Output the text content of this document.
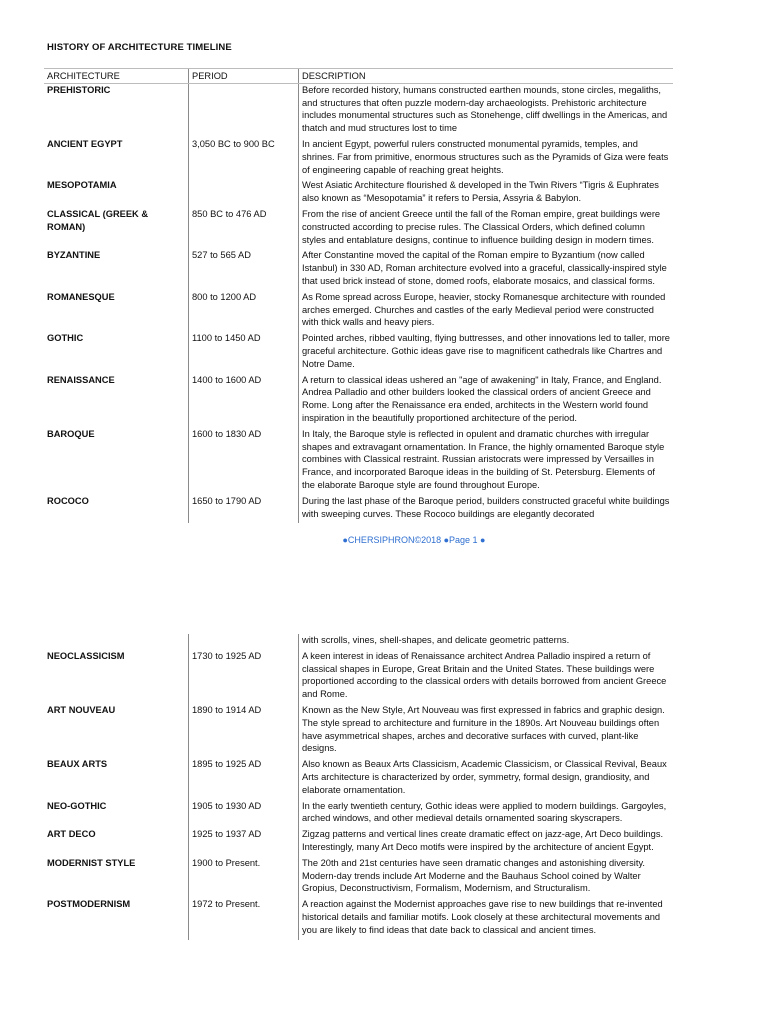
HISTORY OF ARCHITECTURE TIMELINE
ARCHITECTURE	PERIOD	DESCRIPTION
PREHISTORIC		Before recorded history, humans constructed earthen mounds, stone circles, megaliths, and structures that often puzzle modern-day archaeologists. Prehistoric architecture includes monumental structures such as Stonehenge, cliff dwellings in the Americas, and thatch and mud structures lost to time
ANCIENT EGYPT	3,050 BC to 900 BC	In ancient Egypt, powerful rulers constructed monumental pyramids, temples, and shrines. Far from primitive, enormous structures such as the Pyramids of Giza were feats of engineering capable of reaching great heights.
MESOPOTAMIA		West Asiatic Architecture flourished & developed in the Twin Rivers “Tigris & Euphrates also known as “Mesopotamia” it refers to Persia, Assyria & Babylon.
CLASSICAL (GREEK & ROMAN)	850 BC to 476 AD	From the rise of ancient Greece until the fall of the Roman empire, great buildings were constructed according to precise rules. The Classical Orders, which defined column styles and entablature designs, continue to influence building design in modern times.
BYZANTINE	527 to 565 AD	After Constantine moved the capital of the Roman empire to Byzantium (now called Istanbul) in 330 AD, Roman architecture evolved into a graceful, classically-inspired style that used brick instead of stone, domed roofs, elaborate mosaics, and classical forms.
ROMANESQUE	800 to 1200 AD	As Rome spread across Europe, heavier, stocky Romanesque architecture with rounded arches emerged. Churches and castles of the early Medieval period were constructed with thick walls and heavy piers.
GOTHIC	1100 to 1450 AD	Pointed arches, ribbed vaulting, flying buttresses, and other innovations led to taller, more graceful architecture. Gothic ideas gave rise to magnificent cathedrals like Chartres and Notre Dame.
RENAISSANCE	1400 to 1600 AD	A return to classical ideas ushered an "age of awakening" in Italy, France, and England. Andrea Palladio and other builders looked the classical orders of ancient Greece and Rome. Long after the Renaissance era ended, architects in the Western world found inspiration in the beautifully proportioned architecture of the period.
BAROQUE	1600 to 1830 AD	In Italy, the Baroque style is reflected in opulent and dramatic churches with irregular shapes and extravagant ornamentation. In France, the highly ornamented Baroque style combines with Classical restraint. Russian aristocrats were impressed by Versailles in France, and incorporated Baroque ideas in the building of St. Petersburg. Elements of the elaborate Baroque style are found throughout Europe.
ROCOCO	1650 to 1790 AD	During the last phase of the Baroque period, builders constructed graceful white buildings with sweeping curves. These Rococo buildings are elegantly decorated
●CHERSIPHRON©2018 ●Page 1 ●
		with scrolls, vines, shell-shapes, and delicate geometric patterns.
NEOCLASSICISM	1730 to 1925 AD	A keen interest in ideas of Renaissance architect Andrea Palladio inspired a return of classical shapes in Europe, Great Britain and the United States. These buildings were proportioned according to the classical orders with details borrowed from ancient Greece and Rome.
ART NOUVEAU	1890 to 1914 AD	Known as the New Style, Art Nouveau was first expressed in fabrics and graphic design. The style spread to architecture and furniture in the 1890s. Art Nouveau buildings often have asymmetrical shapes, arches and decorative surfaces with curved, plant-like designs.
BEAUX ARTS	1895 to 1925 AD	Also known as Beaux Arts Classicism, Academic Classicism, or Classical Revival, Beaux Arts architecture is characterized by order, symmetry, formal design, grandiosity, and elaborate ornamentation.
NEO-GOTHIC	1905 to 1930 AD	In the early twentieth century, Gothic ideas were applied to modern buildings. Gargoyles, arched windows, and other medieval details ornamented soaring skyscrapers.
ART DECO	1925 to 1937 AD	Zigzag patterns and vertical lines create dramatic effect on jazz-age, Art Deco buildings. Interestingly, many Art Deco motifs were inspired by the architecture of ancient Egypt.
MODERNIST STYLE	1900 to Present.	The 20th and 21st centuries have seen dramatic changes and astonishing diversity. Modern-day trends include Art Moderne and the Bauhaus School coined by Walter Gropius, Deconstructivism, Formalism, Modernism, and Structuralism.
POSTMODERNISM	1972 to Present.	A reaction against the Modernist approaches gave rise to new buildings that re-invented historical details and familiar motifs. Look closely at these architectural movements and you are likely to find ideas that date back to classical and ancient times.
